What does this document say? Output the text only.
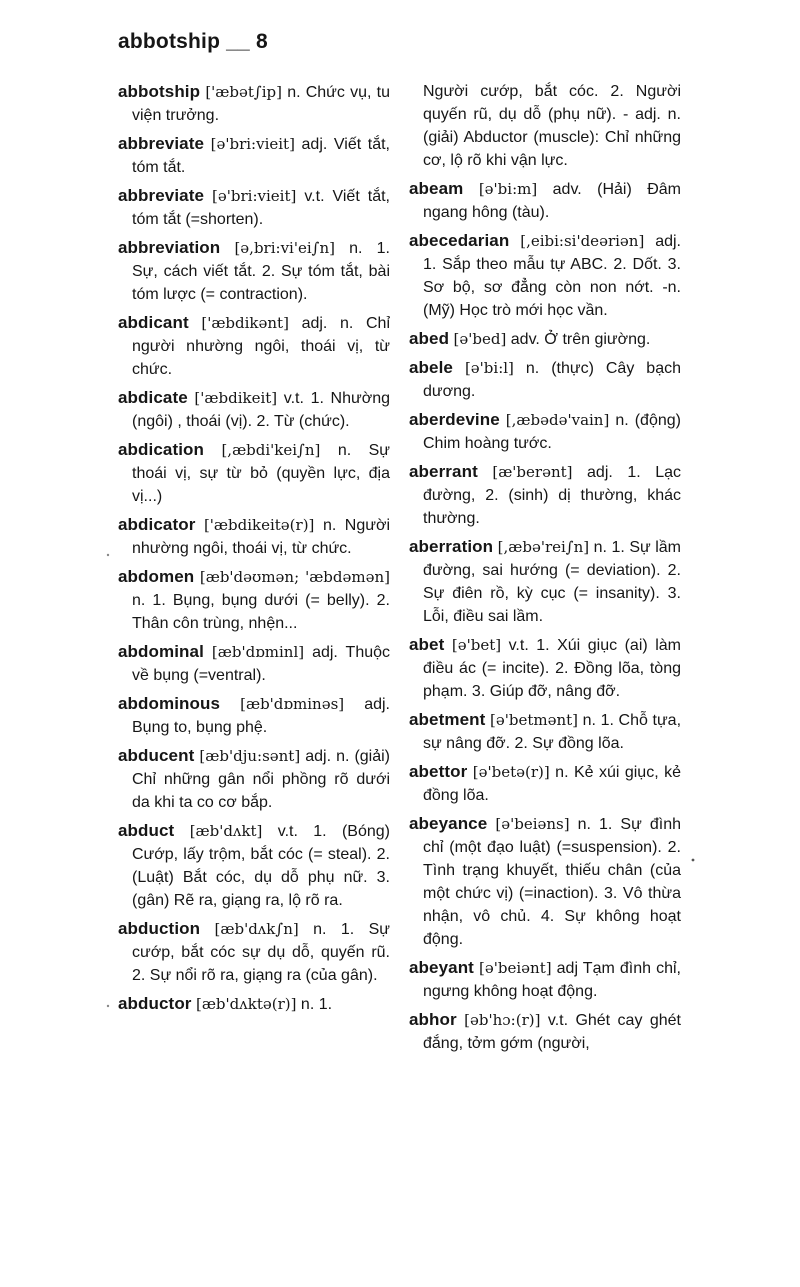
abbotship __ 8

abbotship ['æbət∫ip] n. Chức vụ, tu viện trưởng.

abbreviate [ə'bri:vieit] adj. Viết tắt, tóm tắt.

abbreviate [ə'bri:vieit] v.t. Viết tắt, tóm tắt (=shorten).

abbreviation [ə,bri:vi'ei∫n] n. 1. Sự, cách viết tắt. 2. Sự tóm tắt, bài tóm lược (= contraction).

abdicant ['æbdikənt] adj. n. Chỉ người nhường ngôi, thoái vị, từ chức.

abdicate ['æbdikeit] v.t. 1. Nhường (ngôi) , thoái (vị). 2. Từ (chức).

abdication [,æbdi'kei∫n] n. Sự thoái vị, sự từ bỏ (quyền lực, địa vị...)

abdicator ['æbdikeitə(r)] n. Người nhường ngôi, thoái vị, từ chức.

abdomen [æb'dəʊmən; 'æbdəmən] n. 1. Bụng, bụng dưới (= belly). 2. Thân côn trùng, nhện...

abdominal [æb'dɒminl] adj. Thuộc về bụng (=ventral).

abdominous [æb'dɒminəs] adj. Bụng to, bụng phệ.

abducent [æb'dju:sənt] adj. n. (giải) Chỉ những gân nổi phồng rõ dưới da khi ta co cơ bắp.

abduct [æb'dʌkt] v.t. 1. (Bóng) Cướp, lấy trộm, bắt cóc (= steal). 2. (Luật) Bắt cóc, dụ dỗ phụ nữ. 3. (gân) Rẽ ra, giạng ra, lộ rõ ra.

abduction [æb'dʌk∫n] n. 1. Sự cướp, bắt cóc sự dụ dỗ, quyến rũ. 2. Sự nổi rõ ra, giạng ra (của gân).

abductor [æb'dʌktə(r)] n. 1.

Người cướp, bắt cóc. 2. Người quyến rũ, dụ dỗ (phụ nữ). - adj. n. (giải) Abductor (muscle): Chỉ những cơ, lộ rõ khi vận lực.

abeam [ə'bi:m] adv. (Hải) Đâm ngang hông (tàu).

abecedarian [,eibi:si'deəriən] adj. 1. Sắp theo mẫu tự ABC. 2. Dốt. 3. Sơ bộ, sơ đẳng còn non nớt. -n. (Mỹ) Học trò mới học vần.

abed [ə'bed] adv. Ở trên giường.

abele [ə'bi:l] n. (thực) Cây bạch dương.

aberdevine [,æbədə'vain] n. (động) Chim hoàng tước.

aberrant [æ'berənt] adj. 1. Lạc đường, 2. (sinh) dị thường, khác thường.

aberration [,æbə'rei∫n] n. 1. Sự lầm đường, sai hướng (= deviation). 2. Sự điên rồ, kỳ cục (= insanity). 3. Lỗi, điều sai lầm.

abet [ə'bet] v.t. 1. Xúi giục (ai) làm điều ác (= incite). 2. Đồng lõa, tòng phạm. 3. Giúp đỡ, nâng đỡ.

abetment [ə'betmənt] n. 1. Chỗ tựa, sự nâng đỡ. 2. Sự đồng lõa.

abettor [ə'betə(r)] n. Kẻ xúi giục, kẻ đồng lõa.

abeyance [ə'beiəns] n. 1. Sự đình chỉ (một đạo luật) (=suspension). 2. Tình trạng khuyết, thiếu chân (của một chức vị) (=inaction). 3. Vô thừa nhận, vô chủ. 4. Sự không hoạt động.

abeyant [ə'beiənt] adj Tạm đình chỉ, ngưng không hoạt động.

abhor [əb'hɔ:(r)] v.t. Ghét cay ghét đắng, tởm gớm (người,
